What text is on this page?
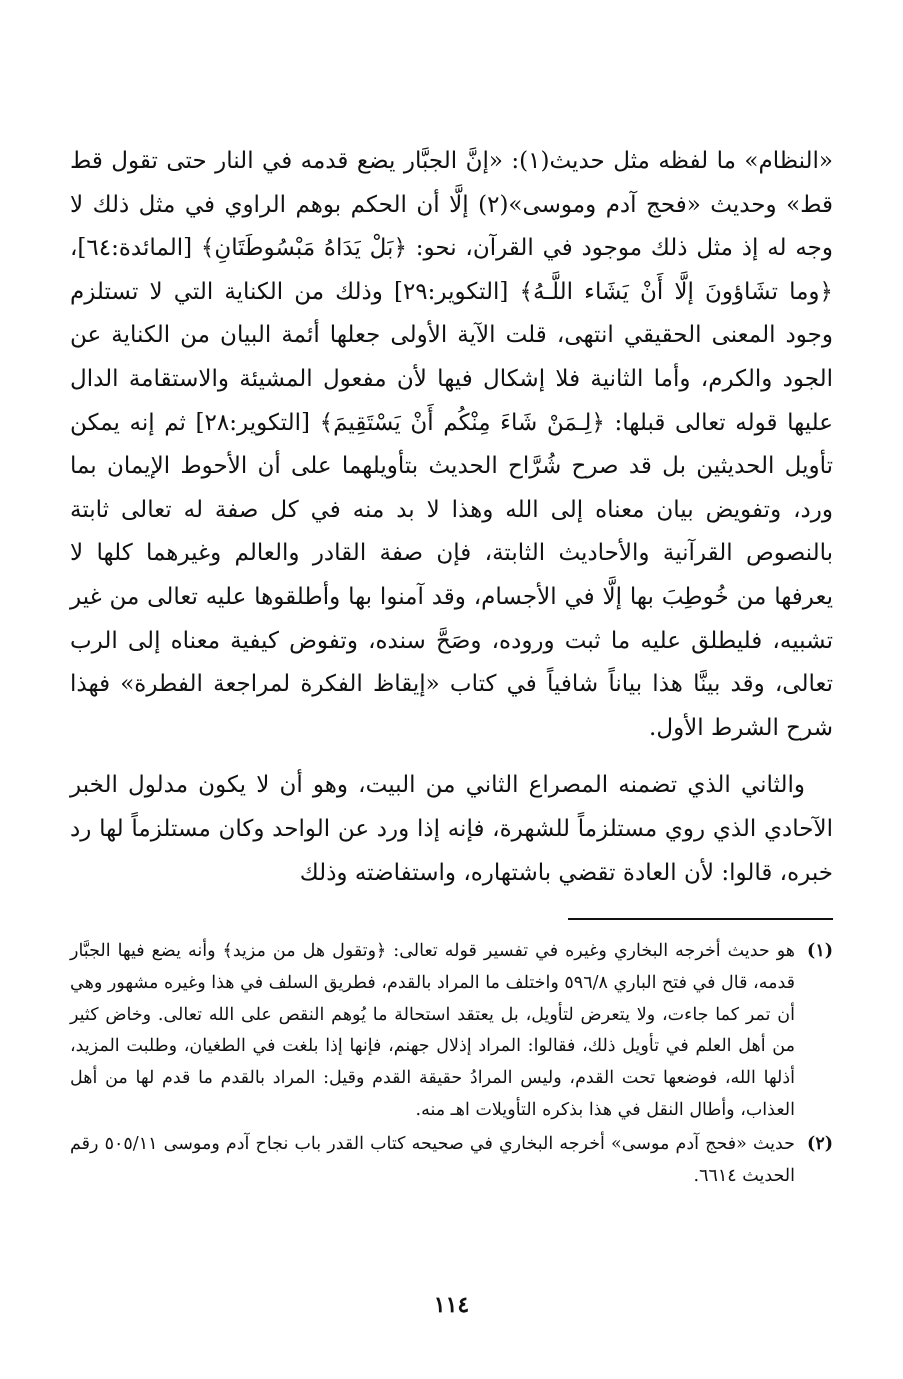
«النظام» ما لفظه مثل حديث(١): «إنَّ الجبَّار يضع قدمه في النار حتى تقول قط قط» وحديث «فحج آدم وموسى»(٢) إلَّا أن الحكم بوهم الراوي في مثل ذلك لا وجه له إذ مثل ذلك موجود في القرآن، نحو: ﴿بَلْ يَدَاهُ مَبْسُوطَتَانِ﴾ [المائدة:٦٤]، ﴿وما تشَاؤونَ إلَّا أَنْ يَشَاء اللَّـهُ﴾ [التكوير:٢٩] وذلك من الكناية التي لا تستلزم وجود المعنى الحقيقي انتهى، قلت الآية الأولى جعلها أئمة البيان من الكناية عن الجود والكرم، وأما الثانية فلا إشكال فيها لأن مفعول المشيئة والاستقامة الدال عليها قوله تعالى قبلها: ﴿لِـمَنْ شَاءَ مِنْكُم أَنْ يَسْتَقِيمَ﴾ [التكوير:٢٨] ثم إنه يمكن تأويل الحديثين بل قد صرح شُرَّاح الحديث بتأويلهما على أن الأحوط الإيمان بما ورد، وتفويض بيان معناه إلى الله وهذا لا بد منه في كل صفة له تعالى ثابتة بالنصوص القرآنية والأحاديث الثابتة، فإن صفة القادر والعالم وغيرهما كلها لا يعرفها من خُوطِبَ بها إلَّا في الأجسام، وقد آمنوا بها وأطلقوها عليه تعالى من غير تشبيه، فليطلق عليه ما ثبت وروده، وصَحَّ سنده، وتفوض كيفية معناه إلى الرب تعالى، وقد بينَّا هذا بياناً شافياً في كتاب «إيقاظ الفكرة لمراجعة الفطرة» فهذا شرح الشرط الأول.

والثاني الذي تضمنه المصراع الثاني من البيت، وهو أن لا يكون مدلول الخبر الآحادي الذي روي مستلزماً للشهرة، فإنه إذا ورد عن الواحد وكان مستلزماً لها رد خبره، قالوا: لأن العادة تقضي باشتهاره، واستفاضته وذلك

(١)
هو حديث أخرجه البخاري وغيره في تفسير قوله تعالى: ﴿وتقول هل من مزيد﴾ وأنه يضع فيها الجبَّار قدمه، قال في فتح الباري ٥٩٦/٨ واختلف ما المراد بالقدم، فطريق السلف في هذا وغيره مشهور وهي أن تمر كما جاءت، ولا يتعرض لتأويل، بل يعتقد استحالة ما يُوهم النقص على الله تعالى. وخاض كثير من أهل العلم في تأويل ذلك، فقالوا: المراد إذلال جهنم، فإنها إذا بلغت في الطغيان، وطلبت المزيد، أذلها الله، فوضعها تحت القدم، وليس المرادُ حقيقة القدم وقيل: المراد بالقدم ما قدم لها من أهل العذاب، وأطال النقل في هذا بذكره التأويلات اهـ منه.
(٢)
حديث «فحج آدم موسى» أخرجه البخاري في صحيحه كتاب القدر باب نجاح آدم وموسى ٥٠٥/١١ رقم الحديث ٦٦١٤.
١١٤
